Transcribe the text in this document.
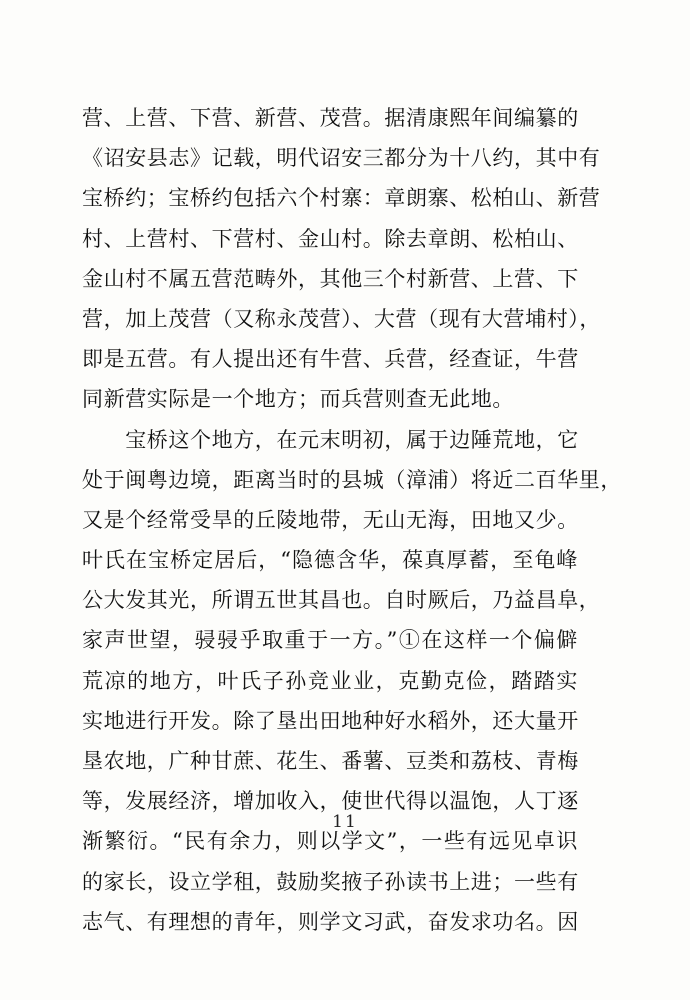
营、上营、下营、新营、茂营。据清康熙年间编纂的
《诏安县志》记载，明代诏安三都分为十八约，其中有
宝桥约；宝桥约包括六个村寨：章朗寨、松柏山、新营
村、上营村、下营村、金山村。除去章朗、松柏山、
金山村不属五营范畴外，其他三个村新营、上营、下
营，加上茂营（又称永茂营）、大营（现有大营埔村），
即是五营。有人提出还有牛营、兵营，经查证，牛营
同新营实际是一个地方；而兵营则查无此地。
　　宝桥这个地方，在元末明初，属于边陲荒地，它
处于闽粤边境，距离当时的县城（漳浦）将近二百华里，
又是个经常受旱的丘陵地带，无山无海，田地又少。
叶氏在宝桥定居后，“隐德含华，葆真厚蓄，至龟峰
公大发其光，所谓五世其昌也。自时厥后，乃益昌阜，
家声世望，骎骎乎取重于一方。”①在这样一个偏僻
荒凉的地方，叶氏子孙竞业业，克勤克俭，踏踏实
实地进行开发。除了垦出田地种好水稻外，还大量开
垦农地，广种甘蔗、花生、番薯、豆类和荔枝、青梅
等，发展经济，增加收入，使世代得以温饱，人丁逐
渐繁衍。“民有余力，则以学文”，一些有远见卓识
的家长，设立学租，鼓励奖掖子孙读书上进；一些有
志气、有理想的青年，则学文习武，奋发求功名。因
11
